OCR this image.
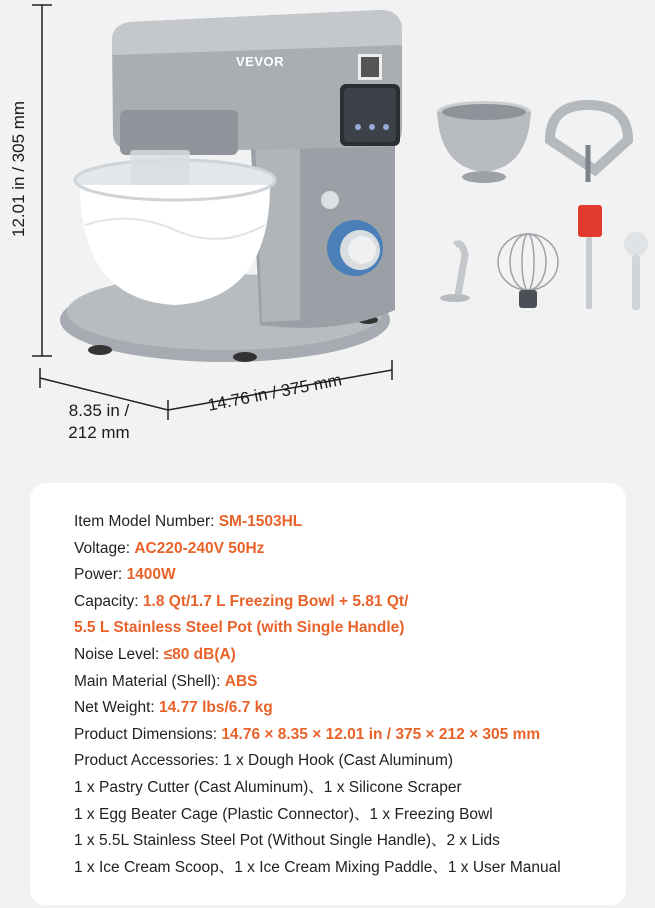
12.01 in / 305 mm
8.35 in /
212 mm
14.76 in / 375 mm
VEVOR
Item Model Number: SM-1503HL
Voltage: AC220-240V 50Hz
Power: 1400W
Capacity: 1.8 Qt/1.7 L Freezing Bowl + 5.81 Qt/
5.5 L Stainless Steel Pot (with Single Handle)
Noise Level: ≤80 dB(A)
Main Material (Shell): ABS
Net Weight: 14.77 lbs/6.7 kg
Product Dimensions: 14.76 × 8.35 × 12.01 in / 375 × 212 × 305 mm
Product Accessories: 1 x Dough Hook (Cast Aluminum)
1 x Pastry Cutter (Cast Aluminum)、1 x Silicone Scraper
1 x Egg Beater Cage (Plastic Connector)、1 x Freezing Bowl
1 x 5.5L Stainless Steel Pot (Without Single Handle)、2 x Lids
1 x Ice Cream Scoop、1 x Ice Cream Mixing Paddle、1 x User Manual
